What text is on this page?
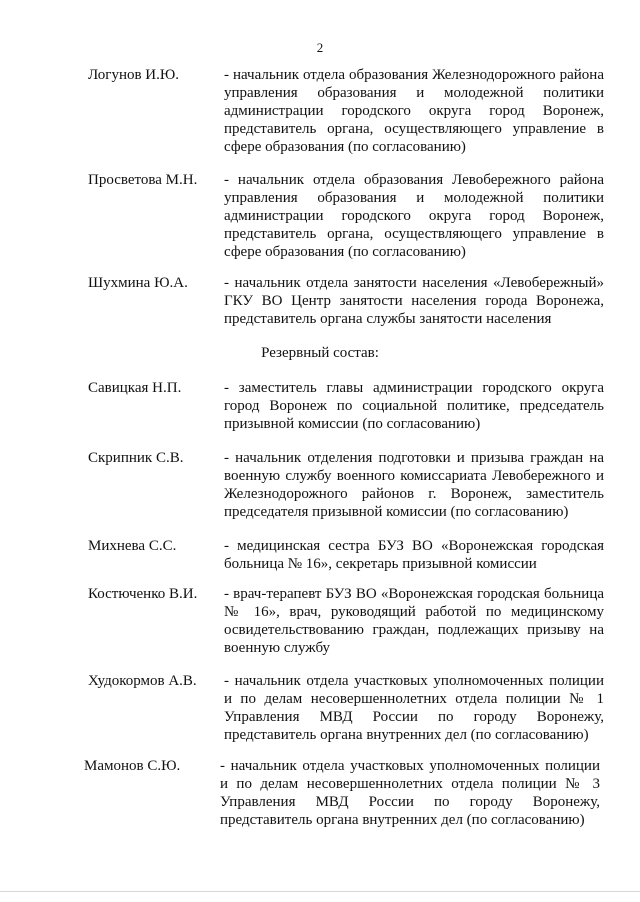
2
Логунов И.Ю.	- начальник отдела образования Железнодорожного района управления образования и молодежной политики администрации городского округа город Воронеж, представитель органа, осуществляющего управление в сфере образования (по согласованию)
Просветова М.Н. - начальник отдела образования Левобережного района управления образования и молодежной политики администрации городского округа город Воронеж, представитель органа, осуществляющего управление в сфере образования (по согласованию)
Шухмина Ю.А. - начальник отдела занятости населения «Левобережный» ГКУ ВО Центр занятости населения города Воронежа, представитель органа службы занятости населения
Резервный состав:
Савицкая Н.П.	- заместитель главы администрации городского округа город Воронеж по социальной политике, председатель призывной комиссии (по согласованию)
Скрипник С.В.	- начальник отделения подготовки и призыва граждан на военную службу военного комиссариата Левобережного и Железнодорожного районов г. Воронеж, заместитель председателя призывной комиссии (по согласованию)
Михнева С.С.	- медицинская сестра БУЗ ВО «Воронежская городская больница № 16», секретарь призывной комиссии
Костюченко В.И. - врач-терапевт БУЗ ВО «Воронежская городская больница № 16», врач, руководящий работой по медицинскому освидетельствованию граждан, подлежащих призыву на военную службу
Худокормов А.В. - начальник отдела участковых уполномоченных полиции и по делам несовершеннолетних отдела полиции № 1 Управления МВД России по городу Воронежу, представитель органа внутренних дел (по согласованию)
Мамонов С.Ю.	- начальник отдела участковых уполномоченных полиции и по делам несовершеннолетних отдела полиции № 3 Управления МВД России по городу Воронежу, представитель органа внутренних дел (по согласованию)
